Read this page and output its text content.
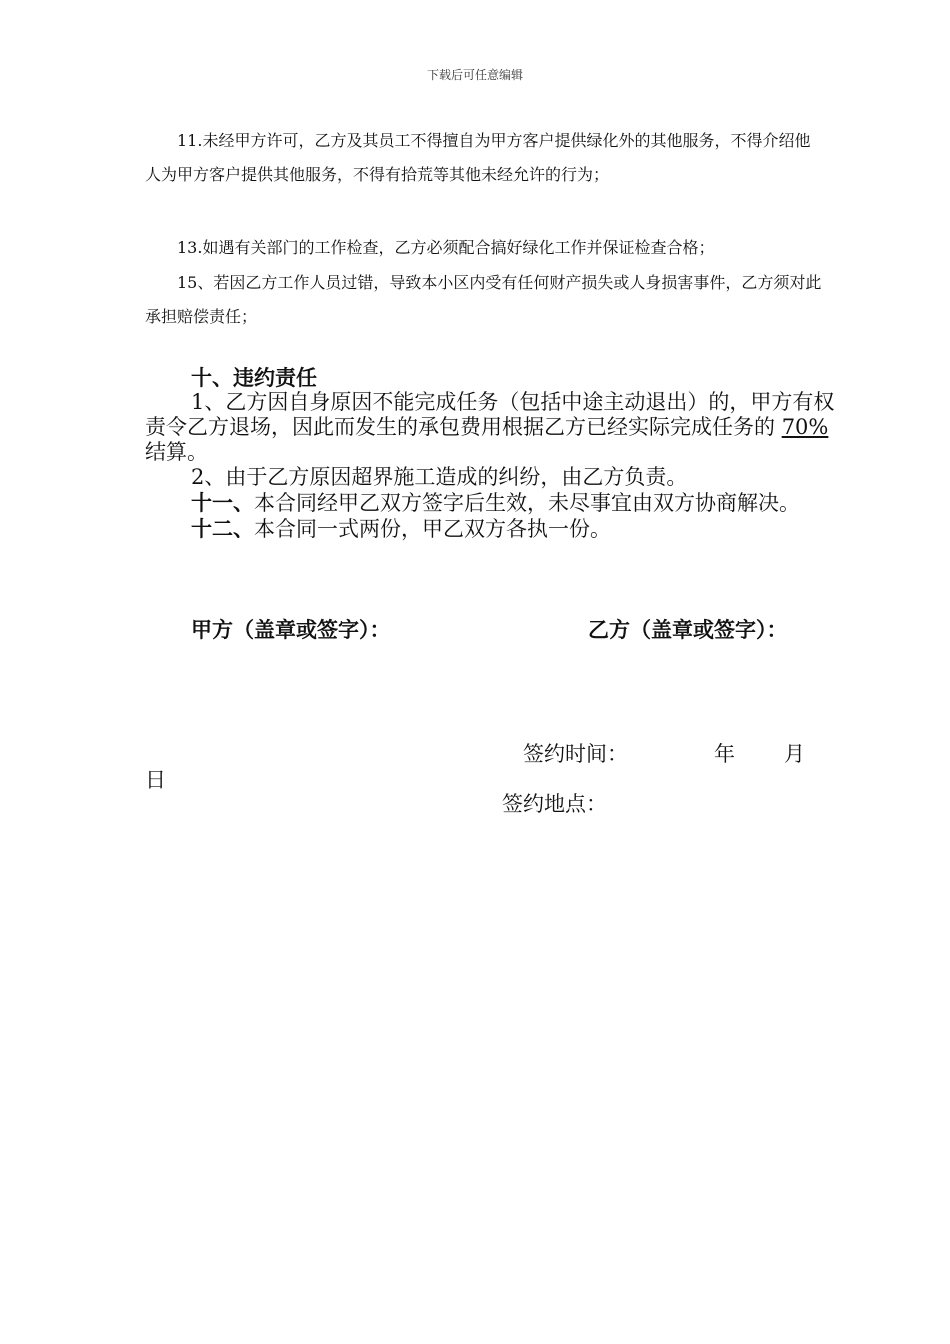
下载后可任意编辑
11.未经甲方许可，乙方及其员工不得擅自为甲方客户提供绿化外的其他服务，不得介绍他人为甲方客户提供其他服务，不得有拾荒等其他未经允许的行为；
13.如遇有关部门的工作检查，乙方必须配合搞好绿化工作并保证检查合格；
15、若因乙方工作人员过错，导致本小区内受有任何财产损失或人身损害事件，乙方须对此承担赔偿责任；
十、违约责任
1、乙方因自身原因不能完成任务（包括中途主动退出）的，甲方有权责令乙方退场，因此而发生的承包费用根据乙方已经实际完成任务的 70%结算。
2、由于乙方原因超界施工造成的纠纷，由乙方负责。
十一、本合同经甲乙双方签字后生效，未尽事宜由双方协商解决。
十二、本合同一式两份，甲乙双方各执一份。
甲方（盖章或签字）：	乙方（盖章或签字）：
签约时间：	年 月
日
签约地点：
